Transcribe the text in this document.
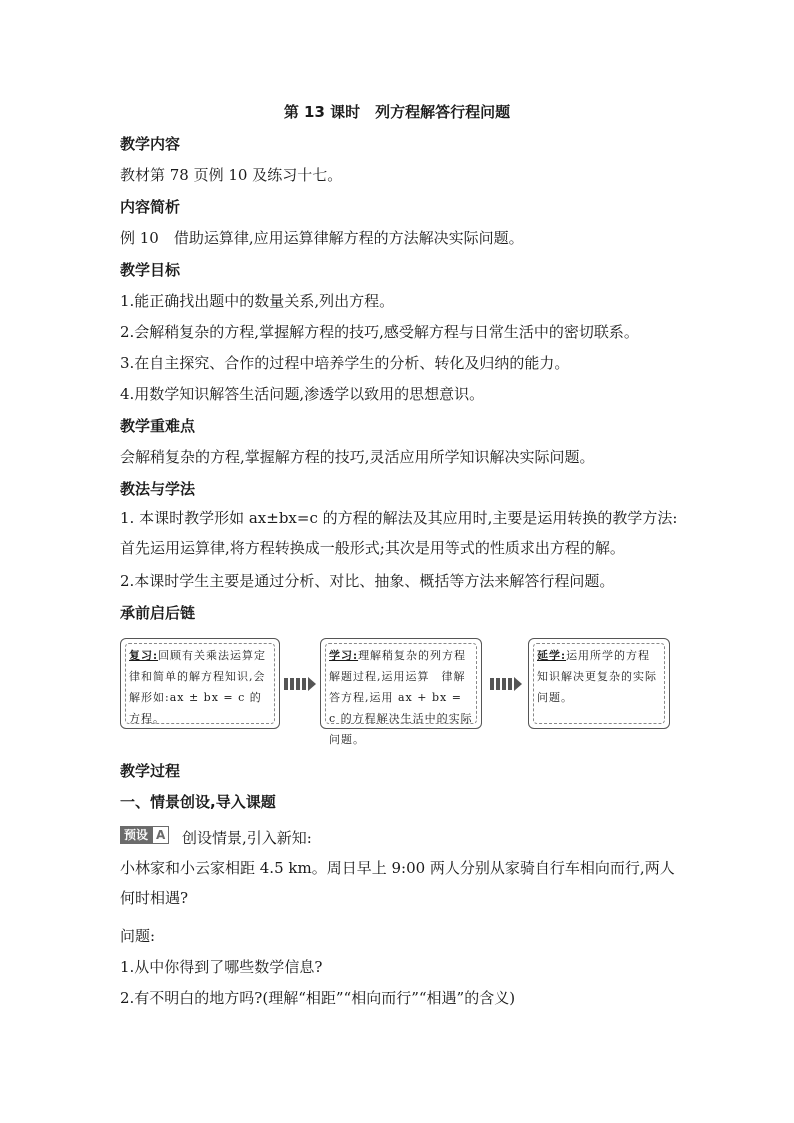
第 13 课时　列方程解答行程问题
教学内容
教材第 78 页例 10 及练习十七。
内容简析
例 10　借助运算律,应用运算律解方程的方法解决实际问题。
教学目标
1.能正确找出题中的数量关系,列出方程。
2.会解稍复杂的方程,掌握解方程的技巧,感受解方程与日常生活中的密切联系。
3.在自主探究、合作的过程中培养学生的分析、转化及归纳的能力。
4.用数学知识解答生活问题,渗透学以致用的思想意识。
教学重难点
会解稍复杂的方程,掌握解方程的技巧,灵活应用所学知识解决实际问题。
教法与学法
1. 本课时教学形如 ax±bx=c 的方程的解法及其应用时,主要是运用转换的教学方法:首先运用运算律,将方程转换成一般形式;其次是用等式的性质求出方程的解。
2.本课时学生主要是通过分析、对比、抽象、概括等方法来解答行程问题。
承前启后链
复习:回顾有关乘法运算定律和简单的解方程知识,会解形如:ax ± bx = c 的方程。
学习:理解稍复杂的列方程解题过程,运用运算　律解答方程,运用 ax + bx = c 的方程解决生活中的实际问题。
延学:运用所学的方程知识解决更复杂的实际问题。
教学过程
一、情景创设,导入课题
预设 A 创设情景,引入新知:
小林家和小云家相距 4.5 km。周日早上 9:00 两人分别从家骑自行车相向而行,两人何时相遇?
问题:
1.从中你得到了哪些数学信息?
2.有不明白的地方吗?(理解“相距”“相向而行”“相遇”的含义)
